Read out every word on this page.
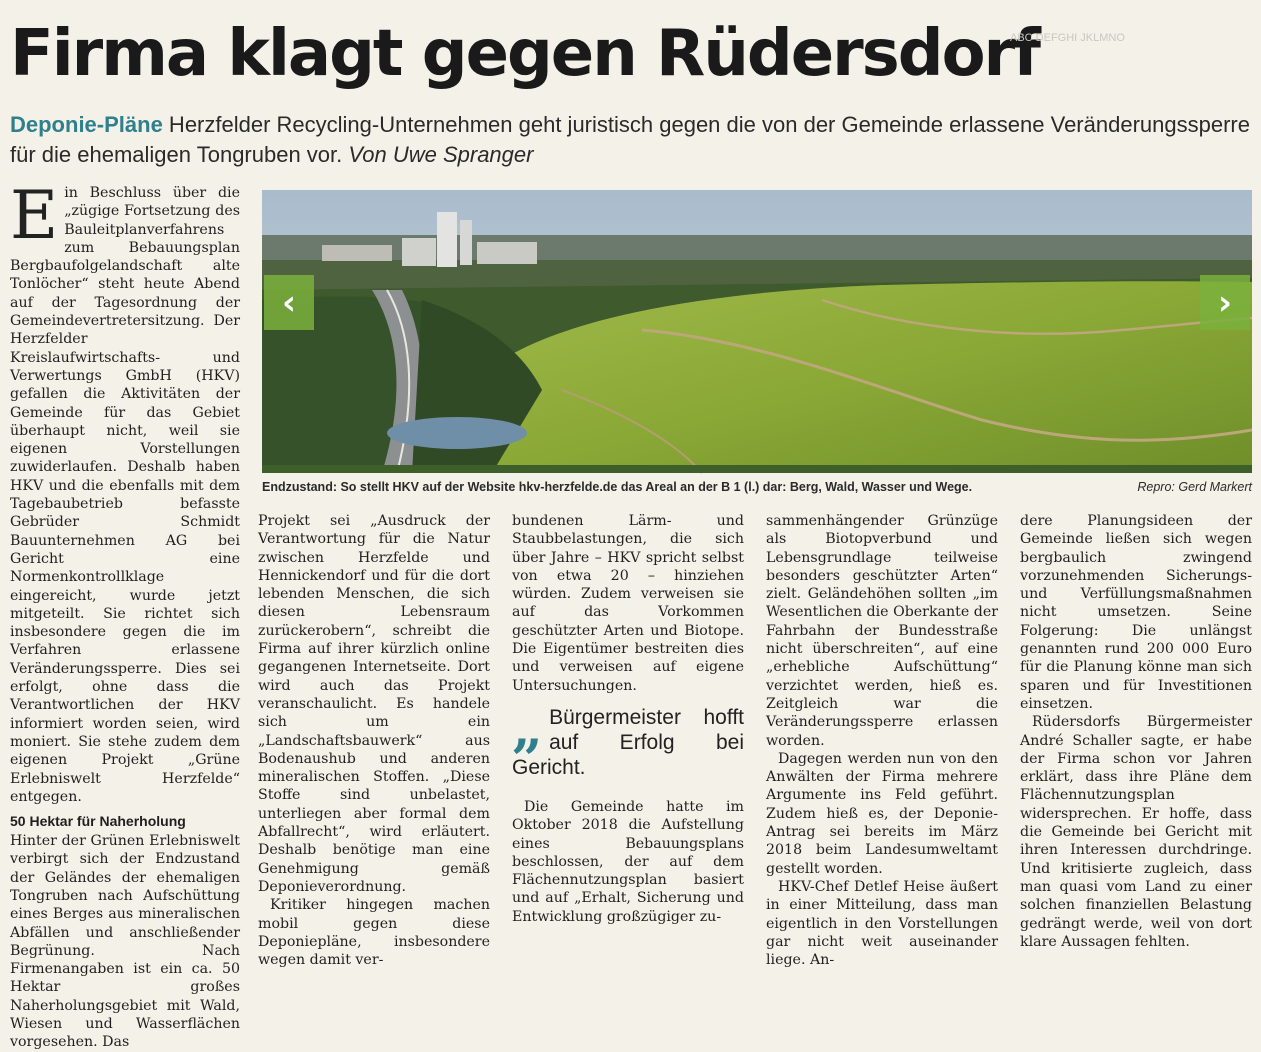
Firma klagt gegen Rüdersdorf
ABC DEFGHI JKLMNO
Deponie-Pläne Herzfelder Recycling-Unternehmen geht juristisch gegen die von der Gemeinde erlassene Veränderungssperre für die ehemaligen Tongruben vor. Von Uwe Spranger

Ein Beschluss über die „zügige Fortsetzung des Bauleitplanverfahrens zum Bebauungsplan Bergbaufolgelandschaft alte Tonlöcher“ steht heute Abend auf der Tagesordnung der Gemeindevertretersitzung. Der Herzfelder Kreislaufwirtschafts- und Verwertungs GmbH (HKV) gefallen die Aktivitäten der Gemeinde für das Gebiet überhaupt nicht, weil sie eigenen Vorstellungen zuwiderlaufen. Deshalb haben HKV und die ebenfalls mit dem Tagebaubetrieb befasste Gebrüder Schmidt Bauunternehmen AG bei Gericht eine Normenkontrollklage eingereicht, wurde jetzt mitgeteilt. Sie richtet sich insbesondere gegen die im Verfahren erlassene Veränderungssperre. Dies sei erfolgt, ohne dass die Verantwortlichen der HKV informiert worden seien, wird moniert. Sie stehe zudem dem eigenen Projekt „Grüne Erlebniswelt Herzfelde“ entgegen.

50 Hektar für Naherholung

Hinter der Grünen Erlebniswelt verbirgt sich der Endzustand der Geländes der ehemaligen Tongruben nach Aufschüttung eines Berges aus mineralischen Abfällen und anschließender Begrünung. Nach Firmenangaben ist ein ca. 50 Hektar großes Naherholungsgebiet mit Wald, Wiesen und Wasserflächen vorgesehen. Das

‹	›
Endzustand: So stellt HKV auf der Website hkv-herzfelde.de das Areal an der B 1 (l.) dar: Berg, Wald, Wasser und Wege.	Repro: Gerd Markert

Projekt sei „Ausdruck der Verantwortung für die Natur zwischen Herzfelde und Hennickendorf und für die dort lebenden Menschen, die sich diesen Lebensraum zurückerobern“, schreibt die Firma auf ihrer kürzlich online gegangenen Internetseite. Dort wird auch das Projekt veranschaulicht. Es handele sich um ein „Landschaftsbauwerk“ aus Bodenaushub und anderen mineralischen Stoffen. „Diese Stoffe sind unbelastet, unterliegen aber formal dem Abfallrecht“, wird erläutert. Deshalb benötige man eine Genehmigung gemäß Deponieverordnung.

Kritiker hingegen machen mobil gegen diese Deponiepläne, insbesondere wegen damit ver-

bundenen Lärm- und Staubbelastungen, die sich über Jahre – HKV spricht selbst von etwa 20 – hinziehen würden. Zudem verweisen sie auf das Vorkommen geschützter Arten und Biotope. Die Eigentümer bestreiten dies und verweisen auf eigene Untersuchungen.

„ Bürgermeister hofft auf Erfolg bei Gericht.

Die Gemeinde hatte im Oktober 2018 die Aufstellung eines Bebauungsplans beschlossen, der auf dem Flächennutzungsplan basiert und auf „Erhalt, Sicherung und Entwicklung großzügiger zu-

sammenhängender Grünzüge als Biotopverbund und Lebensgrundlage teilweise besonders geschützter Arten“ zielt. Geländehöhen sollten „im Wesentlichen die Oberkante der Fahrbahn der Bundesstraße nicht überschreiten“, auf eine „erhebliche Aufschüttung“ verzichtet werden, hieß es. Zeitgleich war die Veränderungssperre erlassen worden.

Dagegen werden nun von den Anwälten der Firma mehrere Argumente ins Feld geführt. Zudem hieß es, der Deponie-Antrag sei bereits im März 2018 beim Landesumweltamt gestellt worden.

HKV-Chef Detlef Heise äußert in einer Mitteilung, dass man eigentlich in den Vorstellungen gar nicht weit auseinander liege. An-

dere Planungsideen der Gemeinde ließen sich wegen bergbaulich zwingend vorzunehmenden Sicherungs- und Verfüllungsmaßnahmen nicht umsetzen. Seine Folgerung: Die unlängst genannten rund 200 000 Euro für die Planung könne man sich sparen und für Investitionen einsetzen.

Rüdersdorfs Bürgermeister André Schaller sagte, er habe der Firma schon vor Jahren erklärt, dass ihre Pläne dem Flächennutzungsplan widersprechen. Er hoffe, dass die Gemeinde bei Gericht mit ihren Interessen durchdringe. Und kritisierte zugleich, dass man quasi vom Land zu einer solchen finanziellen Belastung gedrängt werde, weil von dort klare Aussagen fehlten.
